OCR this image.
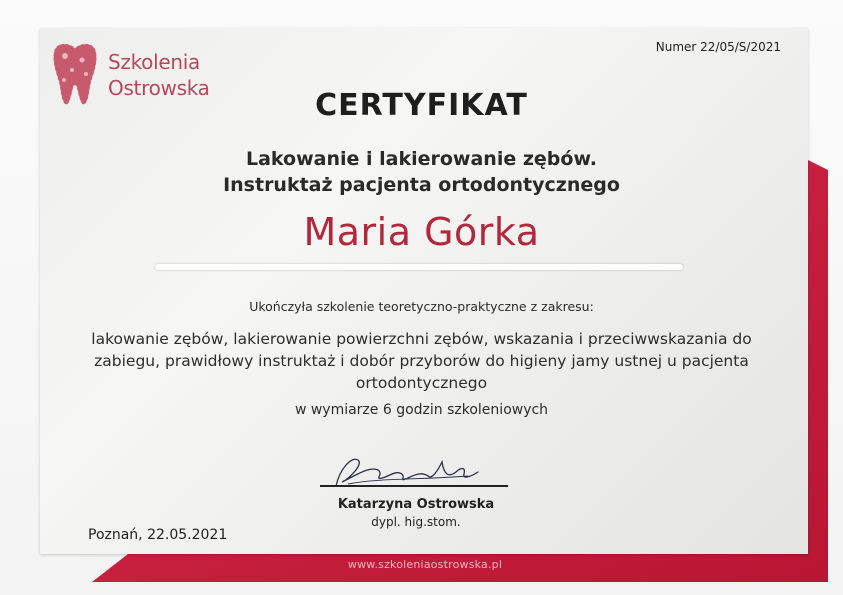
Szkolenia
Ostrowska
Numer 22/05/S/2021
CERTYFIKAT
Lakowanie i lakierowanie zębów.
Instruktaż pacjenta ortodontycznego
Maria Górka
Ukończyła szkolenie teoretyczno-praktyczne z zakresu:
lakowanie zębów, lakierowanie powierzchni zębów, wskazania i przeciwwskazania do zabiegu, prawidłowy instruktaż i dobór przyborów do higieny jamy ustnej u pacjenta ortodontycznego
w wymiarze 6 godzin szkoleniowych
Katarzyna Ostrowska
dypl. hig.stom.
Poznań, 22.05.2021
www.szkoleniaostrowska.pl
